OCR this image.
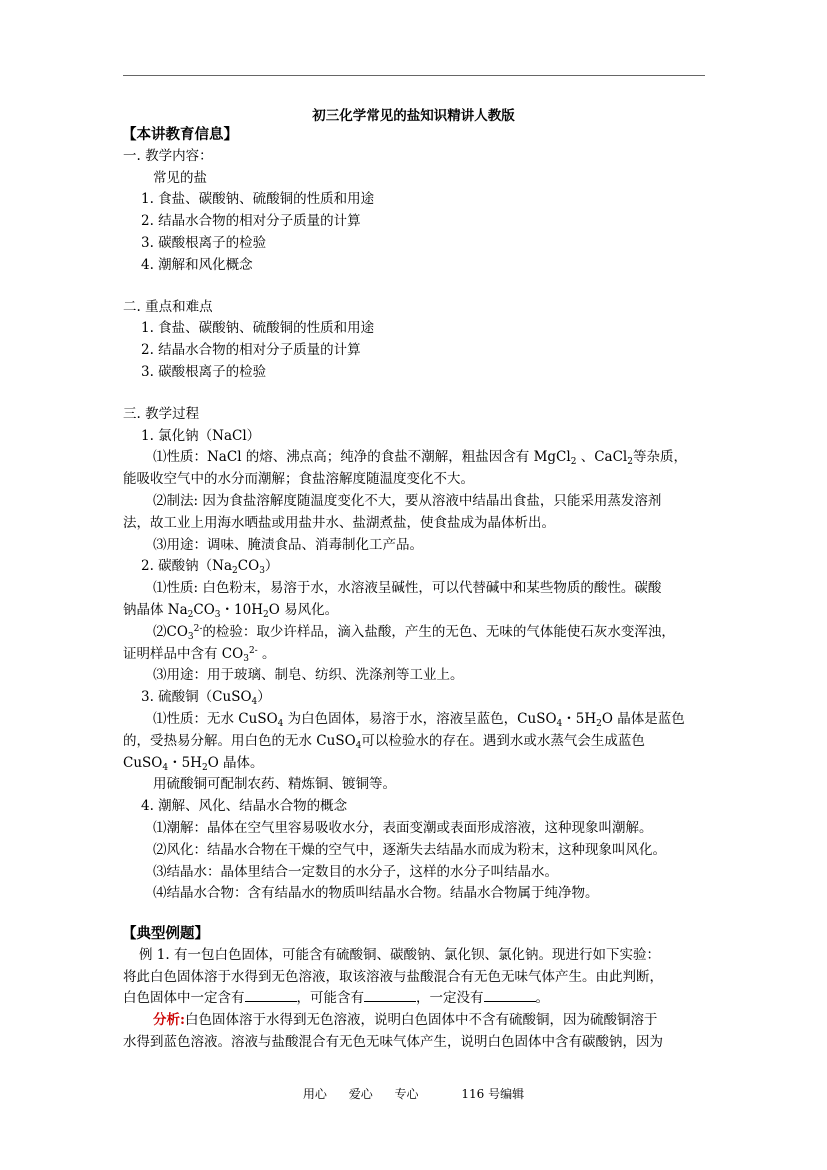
初三化学常见的盐知识精讲人教版

【本讲教育信息】

一. 教学内容：

常见的盐

1. 食盐、碳酸钠、硫酸铜的性质和用途

2. 结晶水合物的相对分子质量的计算

3. 碳酸根离子的检验

4. 潮解和风化概念

二. 重点和难点

1. 食盐、碳酸钠、硫酸铜的性质和用途

2. 结晶水合物的相对分子质量的计算

3. 碳酸根离子的检验

三. 教学过程

1. 氯化钠（NaCl）

⑴性质：NaCl 的熔、沸点高；纯净的食盐不潮解，粗盐因含有 MgCl$_2$ 、CaCl$_2$等杂质，

能吸收空气中的水分而潮解；食盐溶解度随温度变化不大。

⑵制法: 因为食盐溶解度随温度变化不大，要从溶液中结晶出食盐，只能采用蒸发溶剂

法，故工业上用海水晒盐或用盐井水、盐湖煮盐，使食盐成为晶体析出。

⑶用途：调味、腌渍食品、消毒制化工产品。

2. 碳酸钠$(Na_2CO_3)$

⑴性质: 白色粉末，易溶于水，水溶液呈碱性，可以代替碱中和某些物质的酸性。碳酸

钠晶体 $Na_2CO_3$・$10H_2O$ 易风化。

$⑵CO_3^{2-}$的检验：取少许样品，滴入盐酸，产生的无色、无味的气体能使石灰水变浑浊，

证明样品中含有 $CO_3^{2-}$ 。

⑶用途：用于玻璃、制皂、纺织、洗涤剂等工业上。

3. 硫酸铜（CuSO$_4$）

⑴性质：无水 CuSO$_4$ 为白色固体，易溶于水，溶液呈蓝色，CuSO$_4$・$5H_2O$ 晶体是蓝色

的，受热易分解。用白色的无水 CuSO$_4$可以检验水的存在。遇到水或水蒸气会生成蓝色

CuSO$_4$・$5H_2O$ 晶体。

用硫酸铜可配制农药、精炼铜、镀铜等。

4. 潮解、风化、结晶水合物的概念

⑴潮解：晶体在空气里容易吸收水分，表面变潮或表面形成溶液，这种现象叫潮解。

⑵风化：结晶水合物在干燥的空气中，逐渐失去结晶水而成为粉末，这种现象叫风化。

⑶结晶水：晶体里结合一定数目的水分子，这样的水分子叫结晶水。

⑷结晶水合物：含有结晶水的物质叫结晶水合物。结晶水合物属于纯净物。

【典型例题】

例 1. 有一包白色固体，可能含有硫酸铜、碳酸钠、氯化钡、氯化钠。现进行如下实验：

将此白色固体溶于水得到无色溶液，取该溶液与盐酸混合有无色无味气体产生。由此判断，

白色固体中一定含有	，可能含有	，一定没有	。

分析:白色固体溶于水得到无色溶液，说明白色固体中不含有硫酸铜，因为硫酸铜溶于

水得到蓝色溶液。溶液与盐酸混合有无色无味气体产生，说明白色固体中含有碳酸钠，因为

用心 爱心 专心	116 号编辑
